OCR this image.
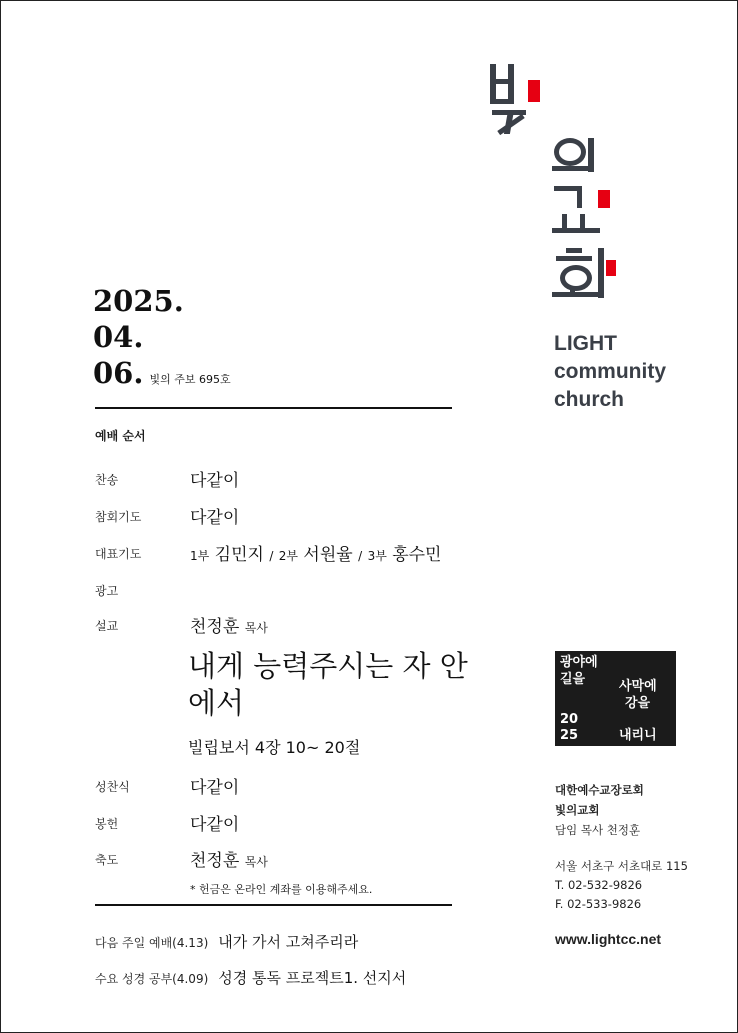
LIGHT
community
church
2025.
04.
06. 빛의 주보 695호
예배 순서
찬송	다같이
참회기도	다같이
대표기도	1부 김민지 / 2부 서원율 / 3부 홍수민
광고
설교	천정훈 목사
내게 능력주시는 자 안에서
빌립보서 4장 10~ 20절
성찬식	다같이
봉헌	다같이
축도	천정훈 목사
* 헌금은 온라인 계좌를 이용해주세요.
다음 주일 예배(4.13) 내가 가서 고쳐주리라
수요 성경 공부(4.09) 성경 통독 프로젝트1. 선지서
광야에
길을	사막에
강을
20
25	내리니
대한예수교장로회
빛의교회
담임 목사 천정훈
서울 서초구 서초대로 115
T. 02-532-9826
F. 02-533-9826
www.lightcc.net
